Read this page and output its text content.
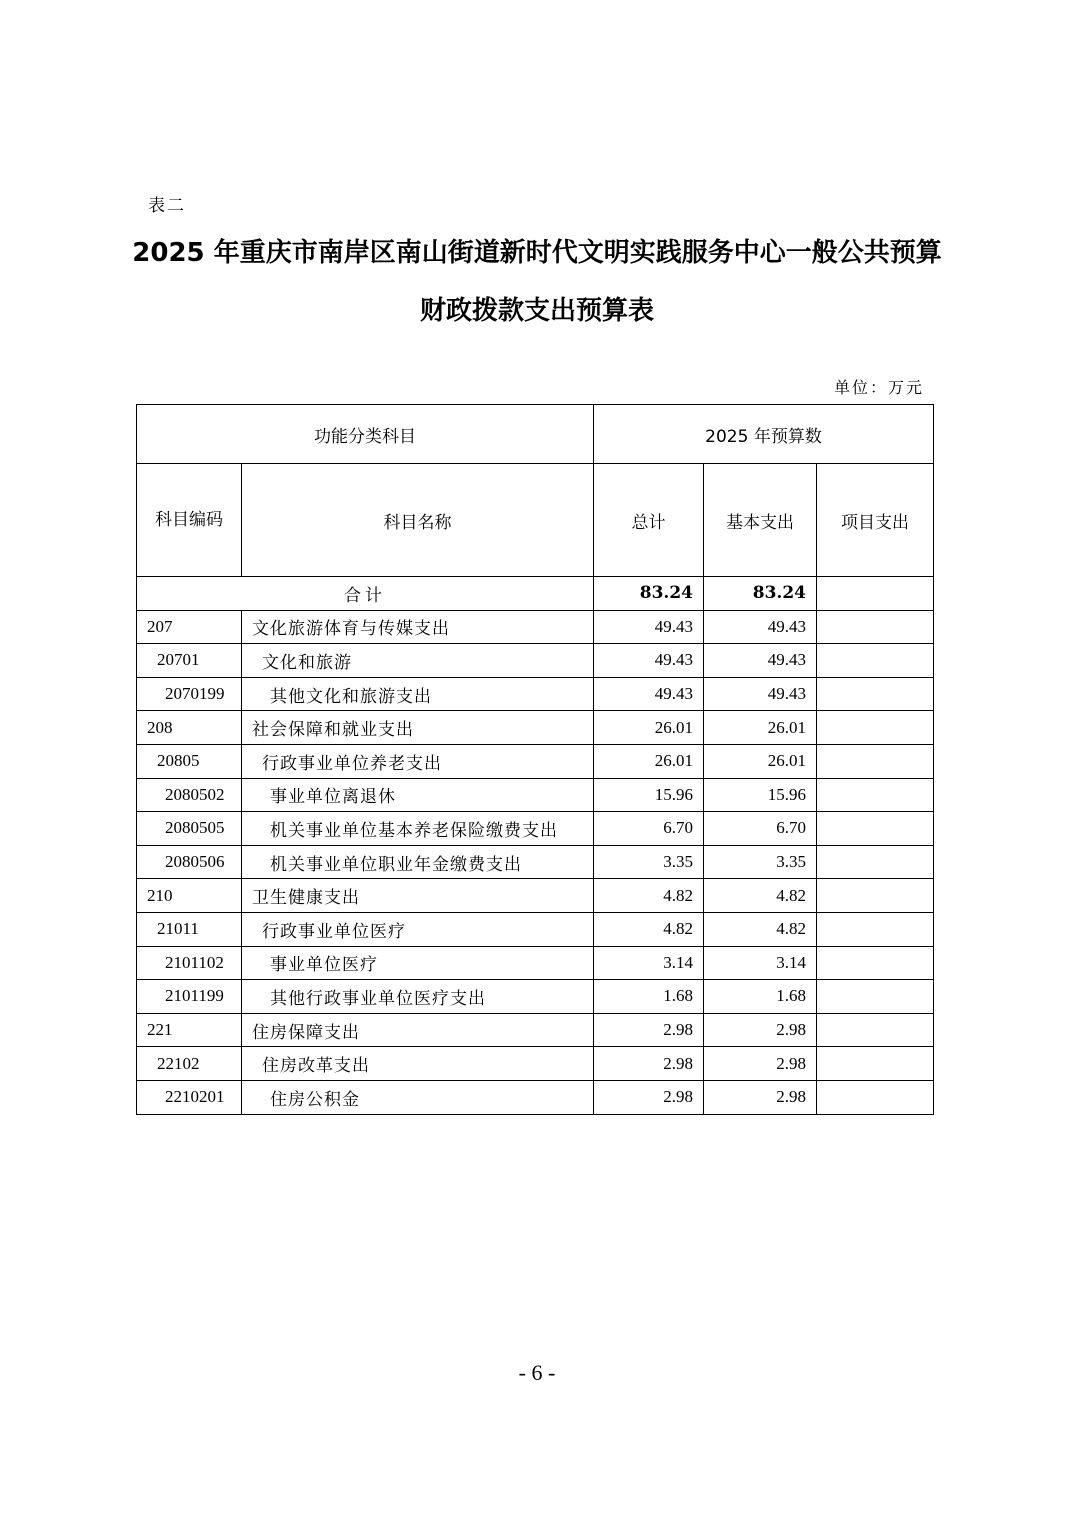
表二
2025 年重庆市南岸区南山街道新时代文明实践服务中心一般公共预算
财政拨款支出预算表
单位：万元
功能分类科目		2025 年预算数		
科目编码	科目名称	总计	基本支出	项目支出
合计		83.24	83.24	
207	文化旅游体育与传媒支出	49.43	49.43	
20701	文化和旅游	49.43	49.43	
2070199	其他文化和旅游支出	49.43	49.43	
208	社会保障和就业支出	26.01	26.01	
20805	行政事业单位养老支出	26.01	26.01	
2080502	事业单位离退休	15.96	15.96	
2080505	机关事业单位基本养老保险缴费支出	6.70	6.70	
2080506	机关事业单位职业年金缴费支出	3.35	3.35	
210	卫生健康支出	4.82	4.82	
21011	行政事业单位医疗	4.82	4.82	
2101102	事业单位医疗	3.14	3.14	
2101199	其他行政事业单位医疗支出	1.68	1.68	
221	住房保障支出	2.98	2.98	
22102	住房改革支出	2.98	2.98	
2210201	住房公积金	2.98	2.98	
- 6 -
